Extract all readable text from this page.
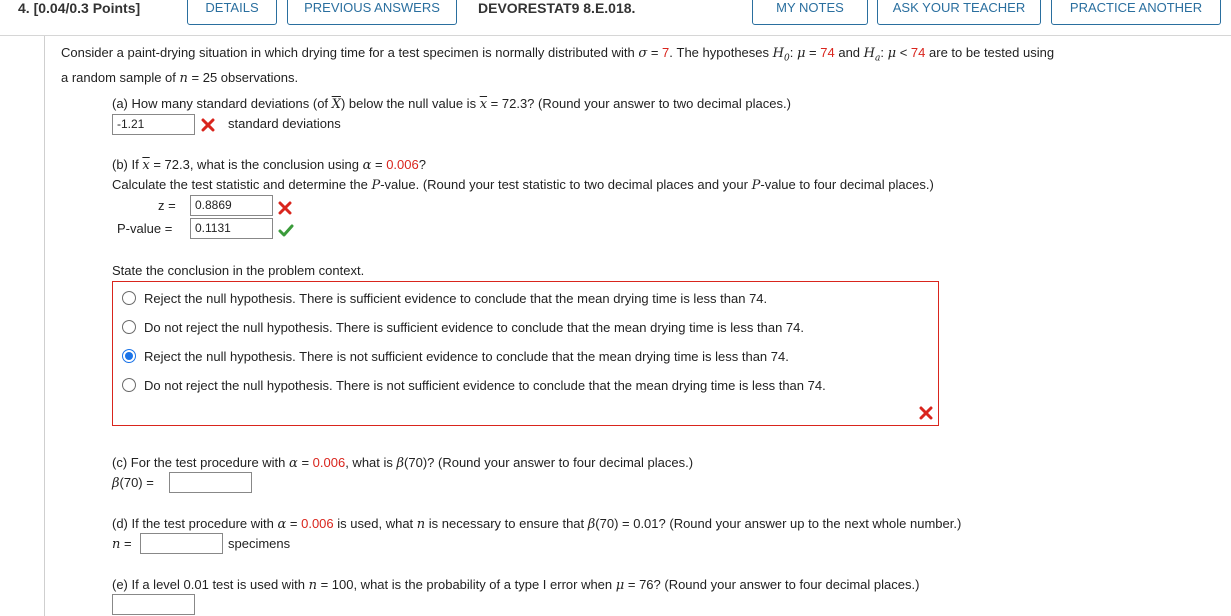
4. [0.04/0.3 Points]	DETAILS	PREVIOUS ANSWERS	DEVORESTAT9 8.E.018.	MY NOTES	ASK YOUR TEACHER	PRACTICE ANOTHER
Consider a paint-drying situation in which drying time for a test specimen is normally distributed with σ = 7. The hypotheses $H_0$: μ = 74 and $H_a$: μ < 74 are to be tested using
a random sample of n = 25 observations.
(a) How many standard deviations (of $\overline{X}$) below the null value is $\overline{x} = 72.3$? (Round your answer to two decimal places.)
-1.21	standard deviations
(b) If $\overline{x} = 72.3$, what is the conclusion using α = 0.006?
Calculate the test statistic and determine the P-value. (Round your test statistic to two decimal places and your P-value to four decimal places.)
z =	0.8869
P-value =	0.1131
State the conclusion in the problem context.
Reject the null hypothesis. There is sufficient evidence to conclude that the mean drying time is less than 74.
Do not reject the null hypothesis. There is sufficient evidence to conclude that the mean drying time is less than 74.
Reject the null hypothesis. There is not sufficient evidence to conclude that the mean drying time is less than 74.
Do not reject the null hypothesis. There is not sufficient evidence to conclude that the mean drying time is less than 74.
(c) For the test procedure with α = 0.006, what is β(70)? (Round your answer to four decimal places.)
β(70) =
(d) If the test procedure with α = 0.006 is used, what n is necessary to ensure that β(70) = 0.01? (Round your answer up to the next whole number.)
n =	specimens
(e) If a level 0.01 test is used with n = 100, what is the probability of a type I error when μ = 76? (Round your answer to four decimal places.)
